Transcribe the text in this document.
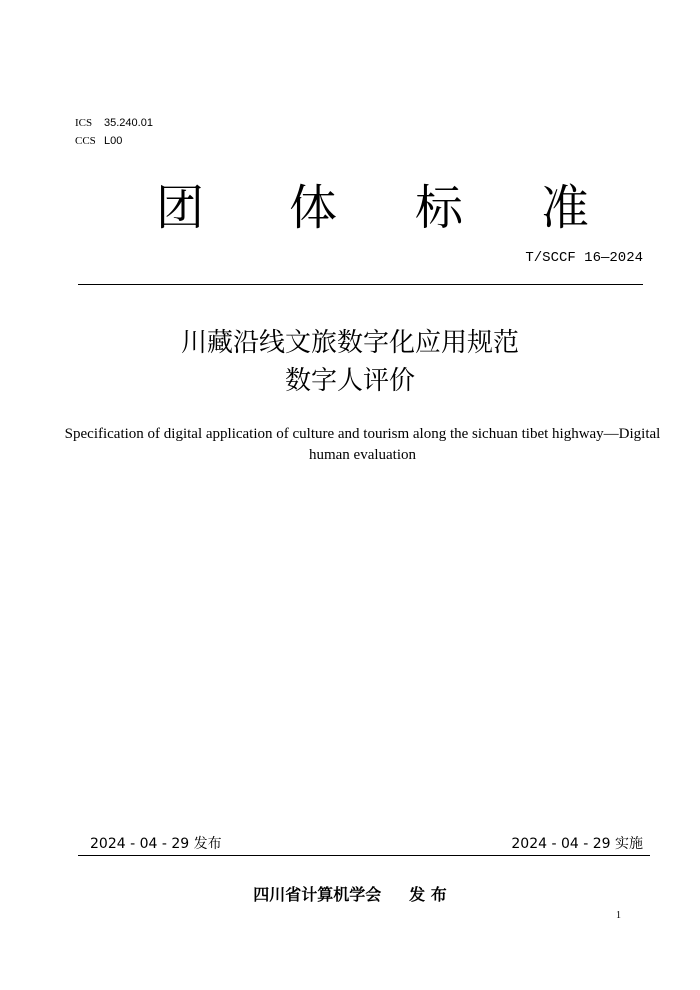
ICS 35.240.01
CCS L00
团 体 标 准
T/SCCF 16—2024
川藏沿线文旅数字化应用规范
数字人评价
Specification of digital application of culture and tourism along the sichuan tibet highway—Digital human evaluation
2024 - 04 - 29 发布	2024 - 04 - 29 实施
四川省计算机学会     发 布
1
